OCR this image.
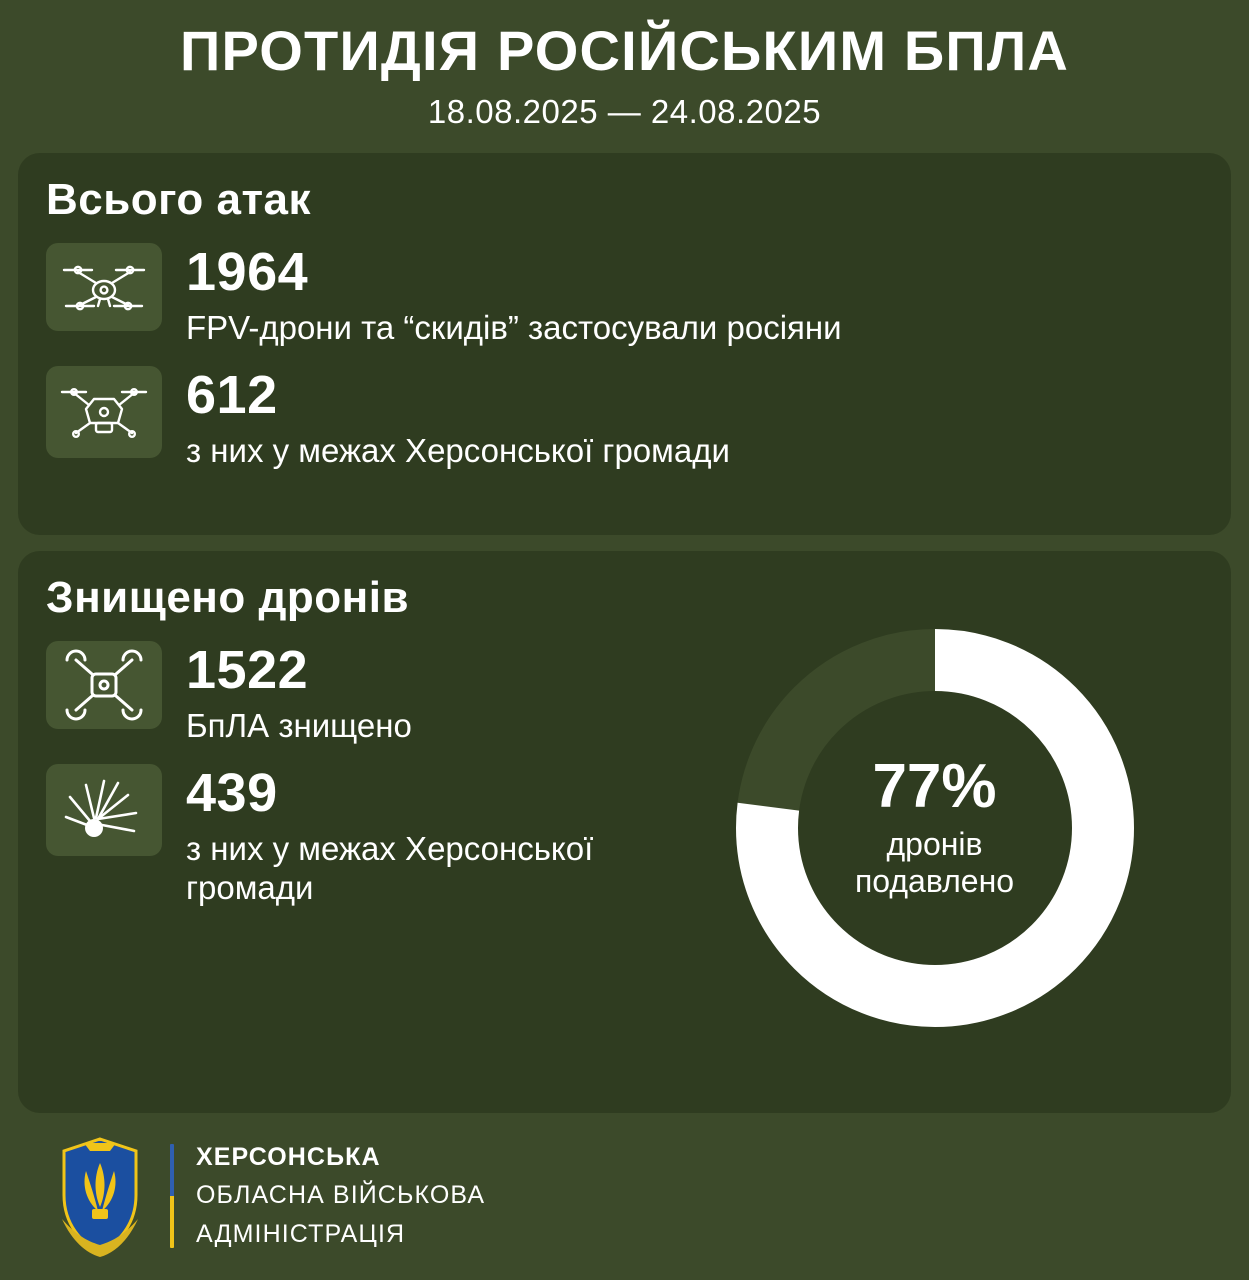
ПРОТИДІЯ РОСІЙСЬКИМ БПЛА
18.08.2025 — 24.08.2025
Всього атак
1964
FPV-дрони та “скидів” застосували росіяни
612
з них у межах Херсонської громади
Знищено дронів
1522
БпЛА знищено
439
з них у межах Херсонської громади
77%
дронів
подавлено
ХЕРСОНСЬКА
ОБЛАСНА ВІЙСЬКОВА
АДМІНІСТРАЦІЯ
